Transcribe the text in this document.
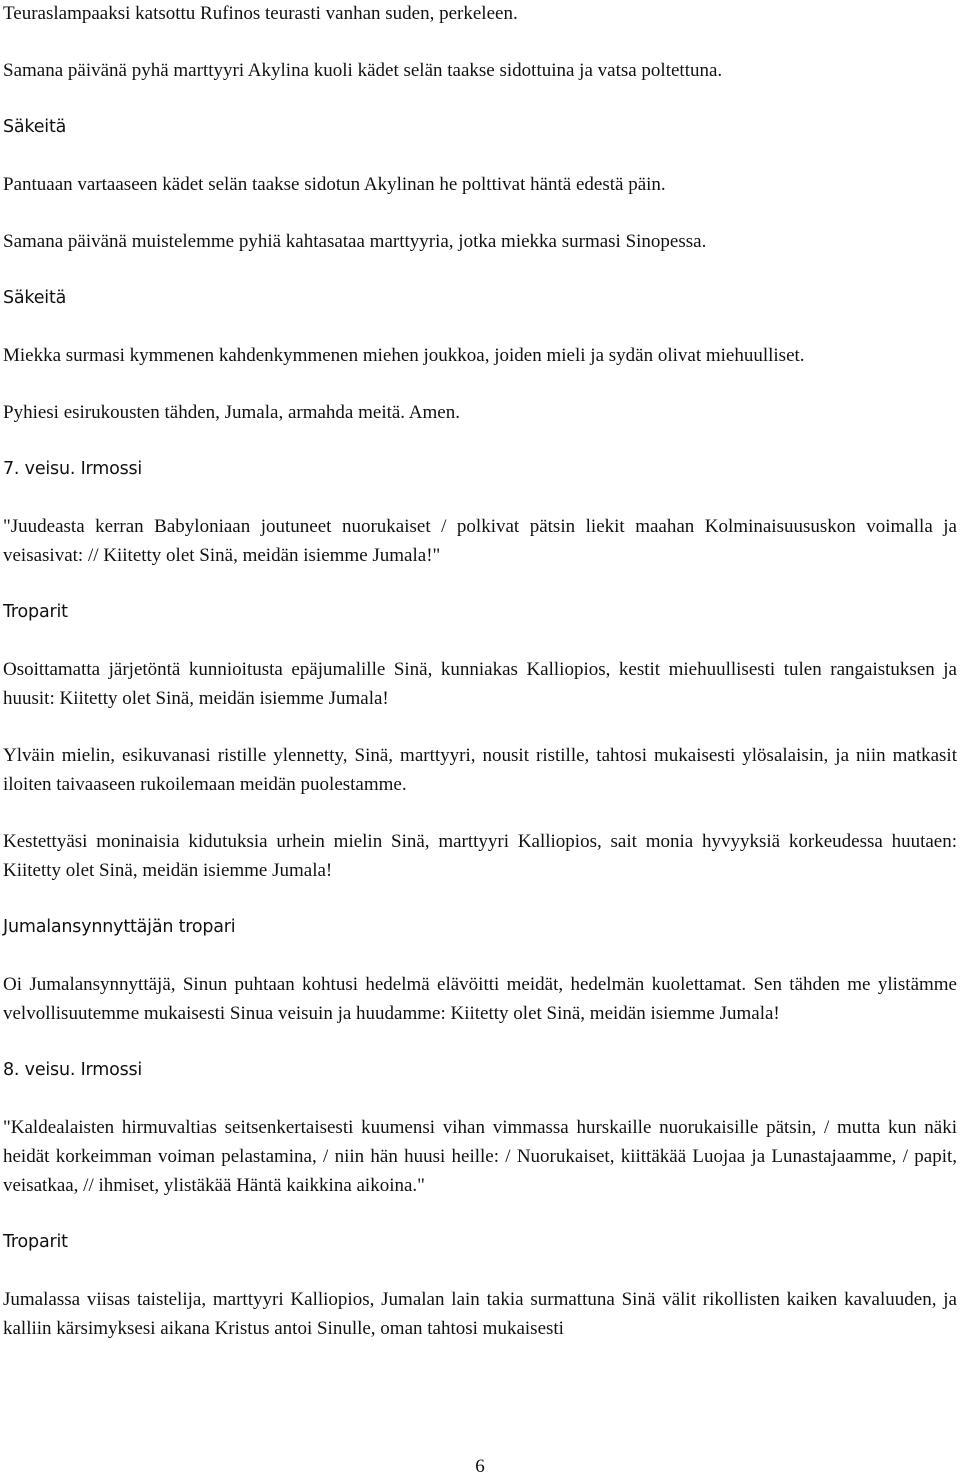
Teuraslampaaksi katsottu Rufinos teurasti vanhan suden, perkeleen.

Samana päivänä pyhä marttyyri Akylina kuoli kädet selän taakse sidottuina ja vatsa poltettuna.

Säkeitä

Pantuaan vartaaseen kädet selän taakse sidotun Akylinan he polttivat häntä edestä päin.

Samana päivänä muistelemme pyhiä kahtasataa marttyyria, jotka miekka surmasi Sinopessa.

Säkeitä

Miekka surmasi kymmenen kahdenkymmenen miehen joukkoa, joiden mieli ja sydän olivat miehuulliset.

Pyhiesi esirukousten tähden, Jumala, armahda meitä. Amen.

7. veisu. Irmossi

"Juudeasta kerran Babyloniaan joutuneet nuorukaiset / polkivat pätsin liekit maahan Kolminaisuususkon voimalla ja veisasivat: // Kiitetty olet Sinä, meidän isiemme Jumala!"

Troparit

Osoittamatta järjetöntä kunnioitusta epäjumalille Sinä, kunniakas Kalliopios, kestit miehuullisesti tulen rangaistuksen ja huusit: Kiitetty olet Sinä, meidän isiemme Jumala!

Ylväin mielin, esikuvanasi ristille ylennetty, Sinä, marttyyri, nousit ristille, tahtosi mukaisesti ylösalaisin, ja niin matkasit iloiten taivaaseen rukoilemaan meidän puolestamme.

Kestettyäsi moninaisia kidutuksia urhein mielin Sinä, marttyyri Kalliopios, sait monia hyvyyksiä korkeudessa huutaen: Kiitetty olet Sinä, meidän isiemme Jumala!

Jumalansynnyttäjän tropari

Oi Jumalansynnyttäjä, Sinun puhtaan kohtusi hedelmä elävöitti meidät, hedelmän kuolettamat. Sen tähden me ylistämme velvollisuutemme mukaisesti Sinua veisuin ja huudamme: Kiitetty olet Sinä, meidän isiemme Jumala!

8. veisu. Irmossi

"Kaldealaisten hirmuvaltias seitsenkertaisesti kuumensi vihan vimmassa hurskaille nuorukaisille pätsin, / mutta kun näki heidät korkeimman voiman pelastamina, / niin hän huusi heille: / Nuorukaiset, kiittäkää Luojaa ja Lunastajaamme, / papit, veisatkaa, // ihmiset, ylistäkää Häntä kaikkina aikoina."

Troparit

Jumalassa viisas taistelija, marttyyri Kalliopios, Jumalan lain takia surmattuna Sinä välit rikollisten kaiken kavaluuden, ja kalliin kärsimyksesi aikana Kristus antoi Sinulle, oman tahtosi mukaisesti

6
